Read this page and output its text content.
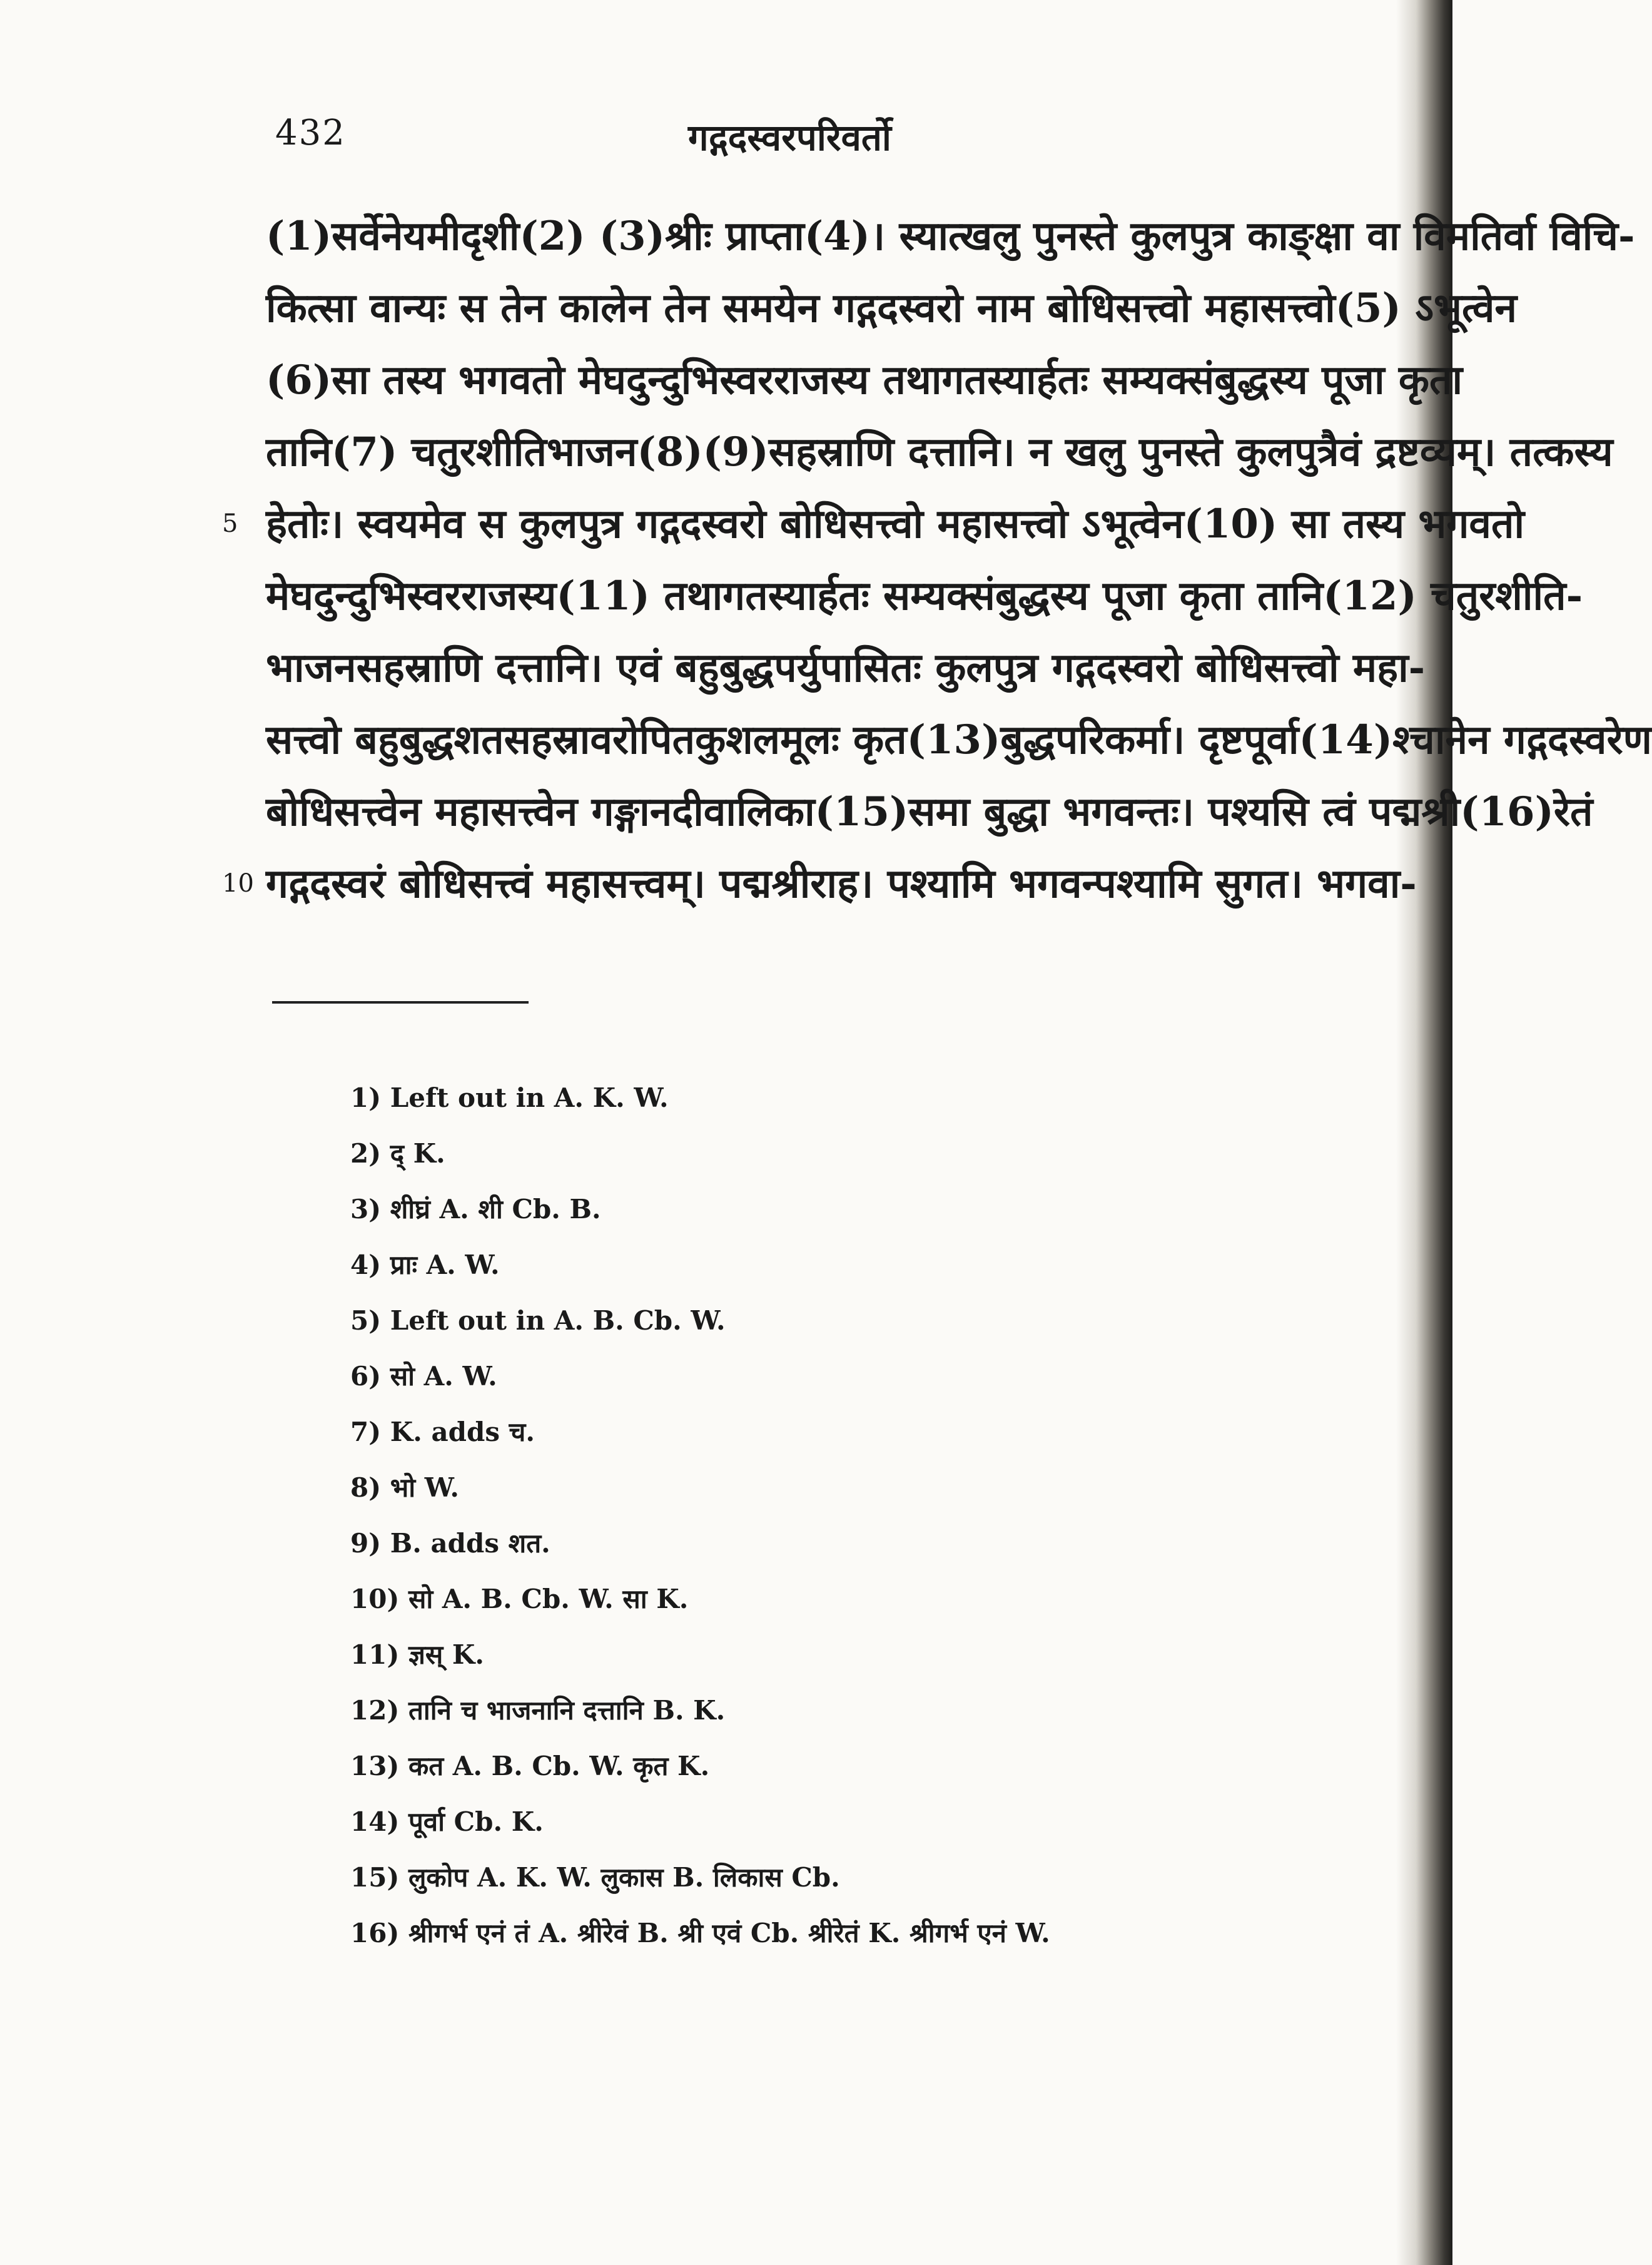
432	गद्गदस्वरपरिवर्तो
(1)सर्वेनेयमीदृशी(2) (3)श्रीः प्राप्ता(4)। स्यात्खलु पुनस्ते कुलपुत्र काङ्क्षा वा विमतिर्वा विचि-
कित्सा वान्यः स तेन कालेन तेन समयेन गद्गदस्वरो नाम बोधिसत्त्वो महासत्त्वो(5) ऽभूत्वेन
(6)सा तस्य भगवतो मेघदुन्दुभिस्वरराजस्य तथागतस्यार्हतः सम्यक्संबुद्धस्य पूजा कृता
तानि(7) चतुरशीतिभाजन(8)(9)सहस्राणि दत्तानि। न खलु पुनस्ते कुलपुत्रैवं द्रष्टव्यम्। तत्कस्य
5 हेतोः। स्वयमेव स कुलपुत्र गद्गदस्वरो बोधिसत्त्वो महासत्त्वो ऽभूत्वेन(10) सा तस्य भगवतो
मेघदुन्दुभिस्वरराजस्य(11) तथागतस्यार्हतः सम्यक्संबुद्धस्य पूजा कृता तानि(12) चतुरशीति-
भाजनसहस्राणि दत्तानि। एवं बहुबुद्धपर्युपासितः कुलपुत्र गद्गदस्वरो बोधिसत्त्वो महा-
सत्त्वो बहुबुद्धशतसहस्रावरोपितकुशलमूलः कृत(13)बुद्धपरिकर्मा। दृष्टपूर्वा(14)श्चानेन गद्गदस्वरेण
बोधिसत्त्वेन महासत्त्वेन गङ्गानदीवालिका(15)समा बुद्धा भगवन्तः। पश्यसि त्वं पद्मश्री(16)रेतं
10 गद्गदस्वरं बोधिसत्त्वं महासत्त्वम्। पद्मश्रीराह। पश्यामि भगवन्पश्यामि सुगत। भगवा-
1) Left out in A. K. W.
2) द् K.
3) शीघ्रं A. शी Cb. B.
4) प्राः A. W.
5) Left out in A. B. Cb. W.
6) सो A. W.
7) K. adds च.
8) भो W.
9) B. adds शत.
10) सो A. B. Cb. W. सा K.
11) ज्ञस् K.
12) तानि च भाजनानि दत्तानि B. K.
13) कत A. B. Cb. W. कृत K.
14) पूर्वा Cb. K.
15) लुकोप A. K. W. लुकास B. लिकास Cb.
16) श्रीगर्भ एनं तं A. श्रीरेवं B. श्री एवं Cb. श्रीरेतं K. श्रीगर्भ एनं W.
